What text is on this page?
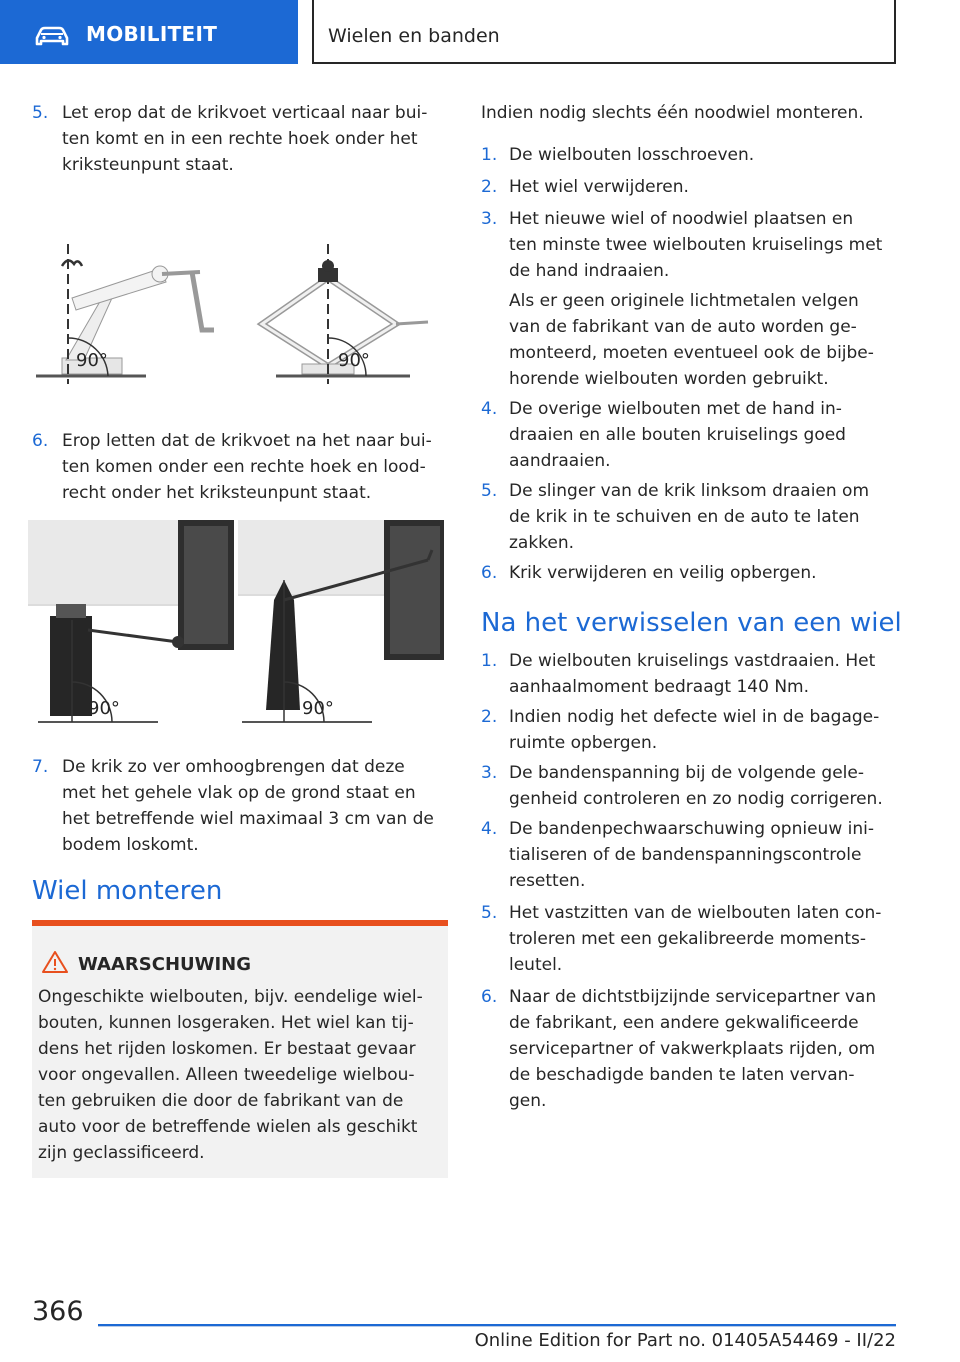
MOBILITEIT	Wielen en banden
5. Let erop dat de krikvoet verticaal naar bui-
ten komt en in een rechte hoek onder het
kriksteunpunt staat.
90°	90°
6. Erop letten dat de krikvoet na het naar bui-
ten komen onder een rechte hoek en lood-
recht onder het kriksteunpunt staat.
90°	90°
7. De krik zo ver omhoogbrengen dat deze
met het gehele vlak op de grond staat en
het betreffende wiel maximaal 3 cm van de
bodem loskomt.
Wiel monteren
WAARSCHUWING
Ongeschikte wielbouten, bijv. eendelige wiel-
bouten, kunnen losgeraken. Het wiel kan tij-
dens het rijden loskomen. Er bestaat gevaar
voor ongevallen. Alleen tweedelige wielbou-
ten gebruiken die door de fabrikant van de
auto voor de betreffende wielen als geschikt
zijn geclassificeerd.
Indien nodig slechts één noodwiel monteren.
1. De wielbouten losschroeven.
2. Het wiel verwijderen.
3. Het nieuwe wiel of noodwiel plaatsen en
ten minste twee wielbouten kruiselings met
de hand indraaien.
Als er geen originele lichtmetalen velgen
van de fabrikant van de auto worden ge-
monteerd, moeten eventueel ook de bijbe-
horende wielbouten worden gebruikt.
4. De overige wielbouten met de hand in-
draaien en alle bouten kruiselings goed
aandraaien.
5. De slinger van de krik linksom draaien om
de krik in te schuiven en de auto te laten
zakken.
6. Krik verwijderen en veilig opbergen.
Na het verwisselen van een wiel
1. De wielbouten kruiselings vastdraaien. Het
aanhaalmoment bedraagt 140 Nm.
2. Indien nodig het defecte wiel in de bagage-
ruimte opbergen.
3. De bandenspanning bij de volgende gele-
genheid controleren en zo nodig corrigeren.
4. De bandenpechwaarschuwing opnieuw ini-
tialiseren of de bandenspanningscontrole
resetten.
5. Het vastzitten van de wielbouten laten con-
troleren met een gekalibreerde moments-
leutel.
6. Naar de dichtstbijzijnde servicepartner van
de fabrikant, een andere gekwalificeerde
servicepartner of vakwerkplaats rijden, om
de beschadigde banden te laten vervan-
gen.
366
Online Edition for Part no. 01405A54469 - II/22
